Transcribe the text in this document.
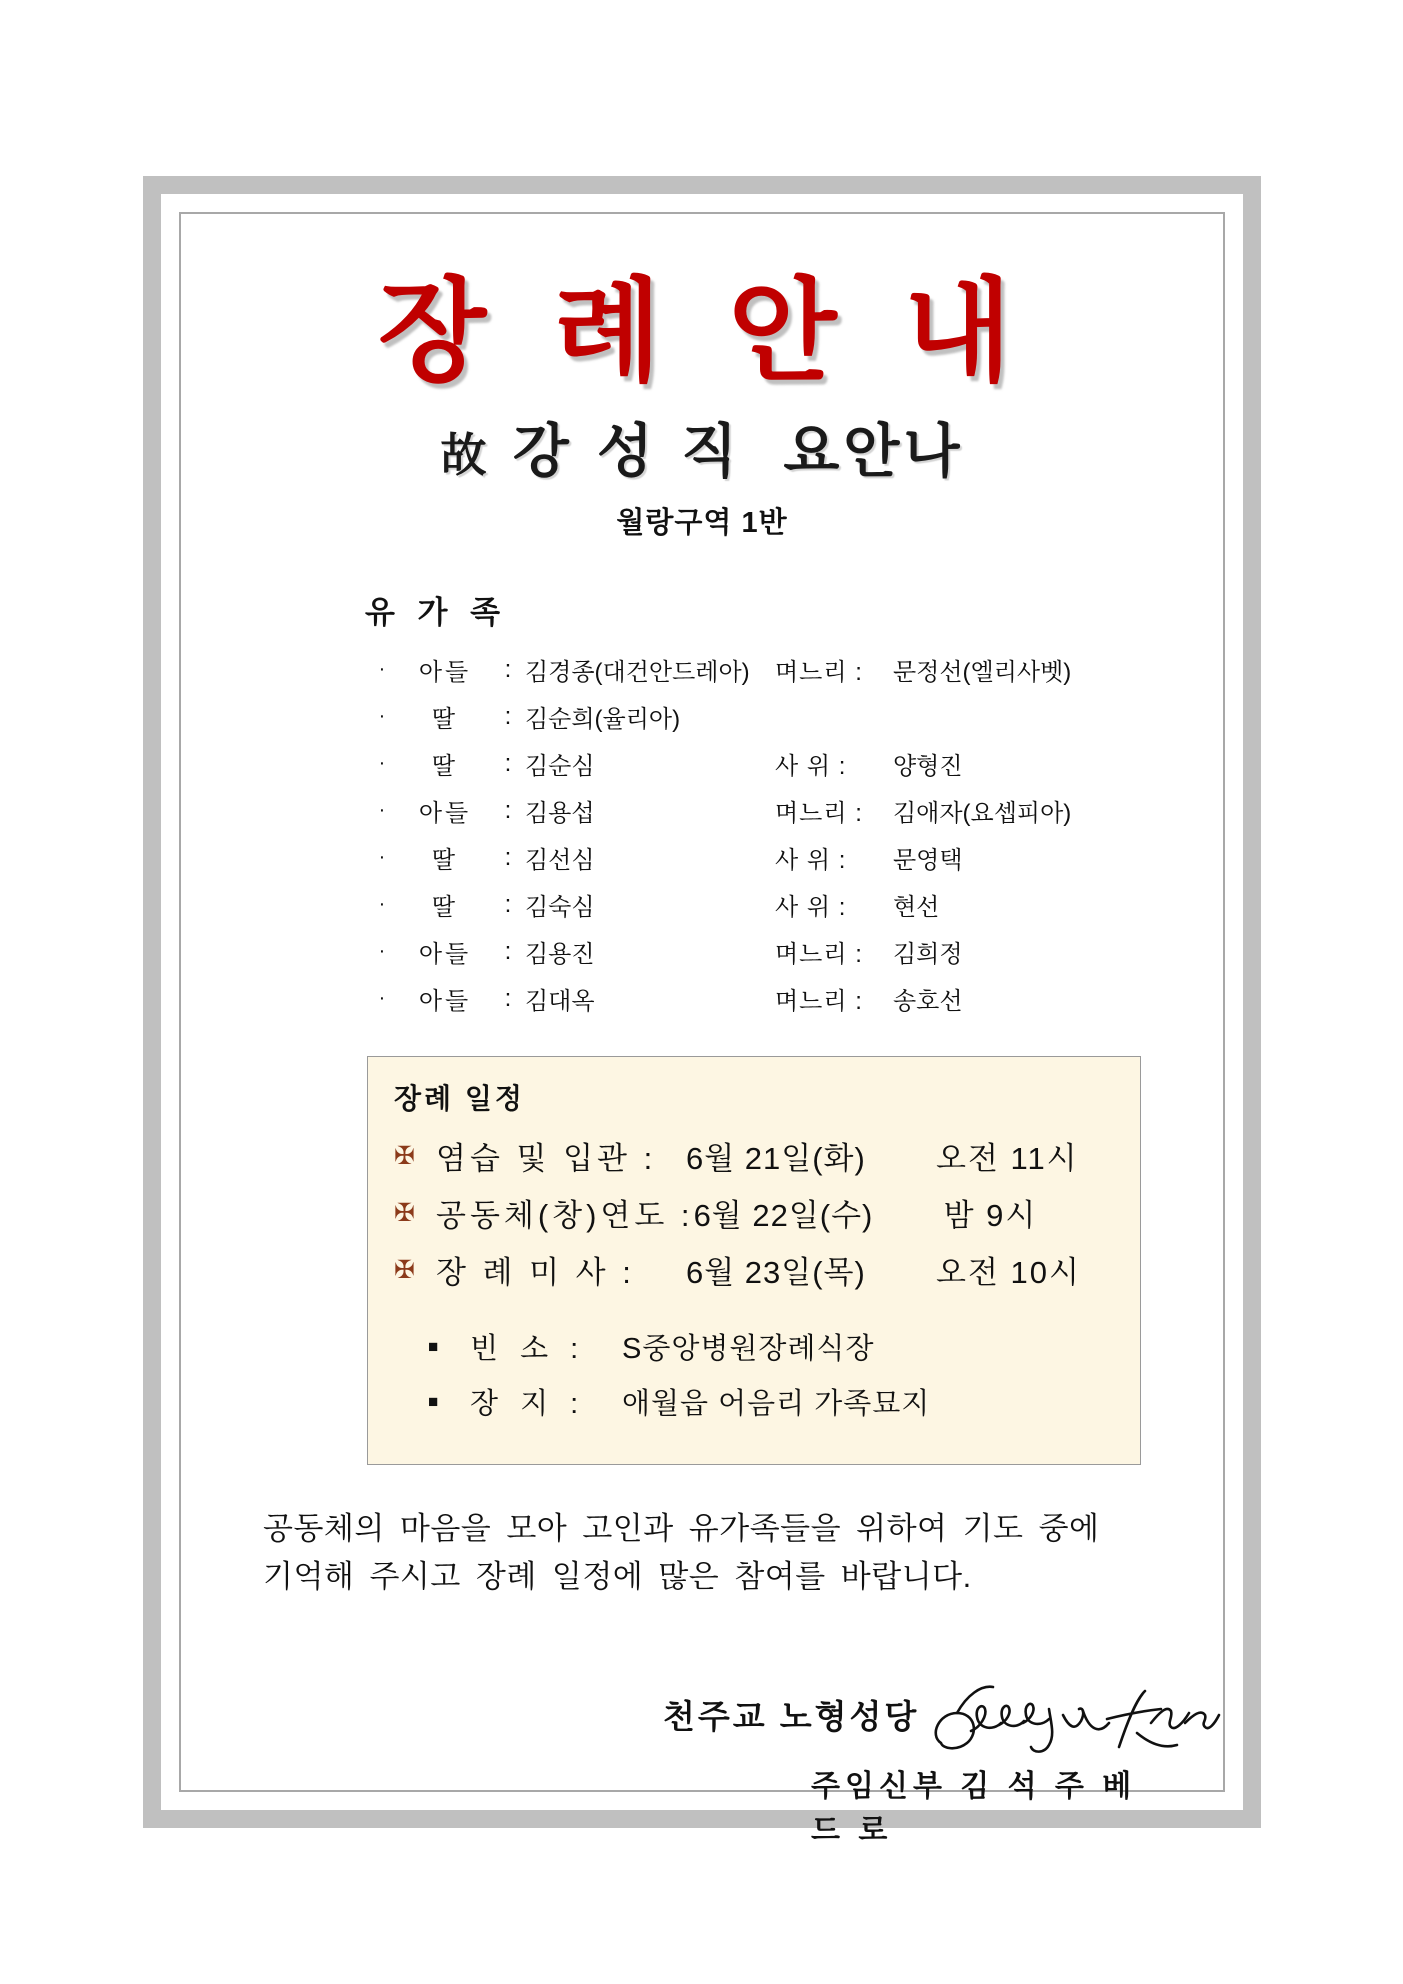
장 례 안 내
故 강 성 직 요안나
월랑구역 1반
유 가 족
·	아들	:	김경종(대건안드레아)	며느리 :	문정선(엘리사벳)
·	딸	:	김순희(율리아)		
·	딸	:	김순심	사 위 :	양형진
·	아들	:	김용섭	며느리 :	김애자(요셉피아)
·	딸	:	김선심	사 위 :	문영택
·	딸	:	김숙심	사 위 :	현선
·	아들	:	김용진	며느리 :	김희정
·	아들	:	김대옥	며느리 :	송호선
장례 일정
✠ 염습 및 입관 : 6월 21일(화)	오전 11시
✠ 공동체(창)연도 : 6월 22일(수)	밤 9시
✠ 장 례 미 사 :	6월 23일(목)	오전 10시
■	빈 소 :	S중앙병원장례식장
■	장 지 :	애월읍 어음리 가족묘지
공동체의 마음을 모아 고인과 유가족들을 위하여 기도 중에 기억해 주시고 장례 일정에 많은 참여를 바랍니다.
천주교 노형성당
주임신부 김 석 주 베 드 로
